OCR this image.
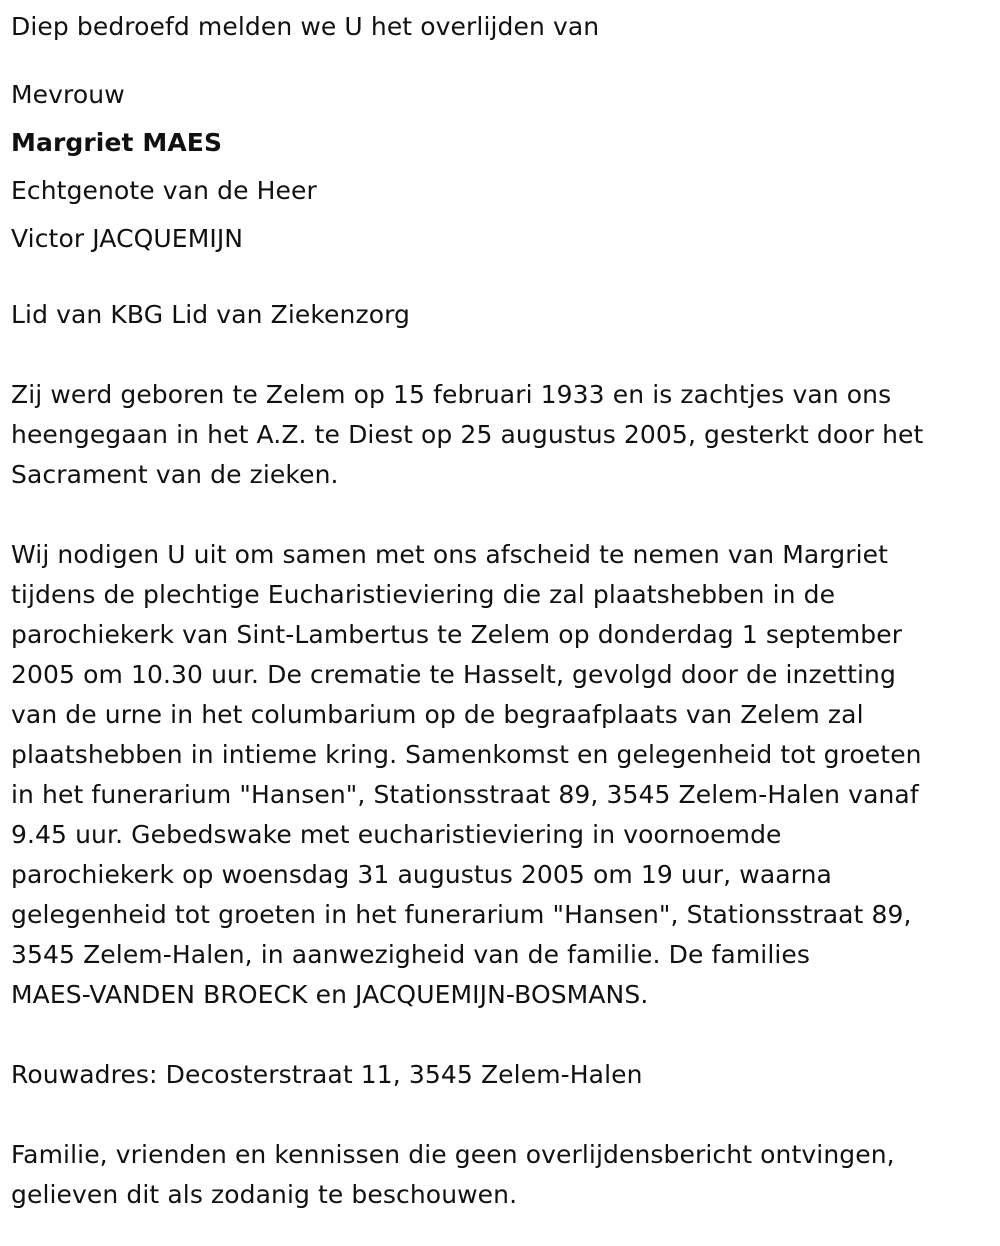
Diep bedroefd melden we U het overlijden van
Mevrouw
Margriet MAES
Echtgenote van de Heer
Victor JACQUEMIJN
Lid van KBG Lid van Ziekenzorg

Zij werd geboren te Zelem op 15 februari 1933 en is zachtjes van ons
heengegaan in het A.Z. te Diest op 25 augustus 2005, gesterkt door het
Sacrament van de zieken.

Wij nodigen U uit om samen met ons afscheid te nemen van Margriet
tijdens de plechtige Eucharistieviering die zal plaatshebben in de
parochiekerk van Sint-Lambertus te Zelem op donderdag 1 september
2005 om 10.30 uur. De crematie te Hasselt, gevolgd door de inzetting
van de urne in het columbarium op de begraafplaats van Zelem zal
plaatshebben in intieme kring. Samenkomst en gelegenheid tot groeten
in het funerarium "Hansen", Stationsstraat 89, 3545 Zelem-Halen vanaf
9.45 uur. Gebedswake met eucharistieviering in voornoemde
parochiekerk op woensdag 31 augustus 2005 om 19 uur, waarna
gelegenheid tot groeten in het funerarium "Hansen", Stationsstraat 89,
3545 Zelem-Halen, in aanwezigheid van de familie. De families
MAES-VANDEN BROECK en JACQUEMIJN-BOSMANS.

Rouwadres: Decosterstraat 11, 3545 Zelem-Halen

Familie, vrienden en kennissen die geen overlijdensbericht ontvingen,
gelieven dit als zodanig te beschouwen.
